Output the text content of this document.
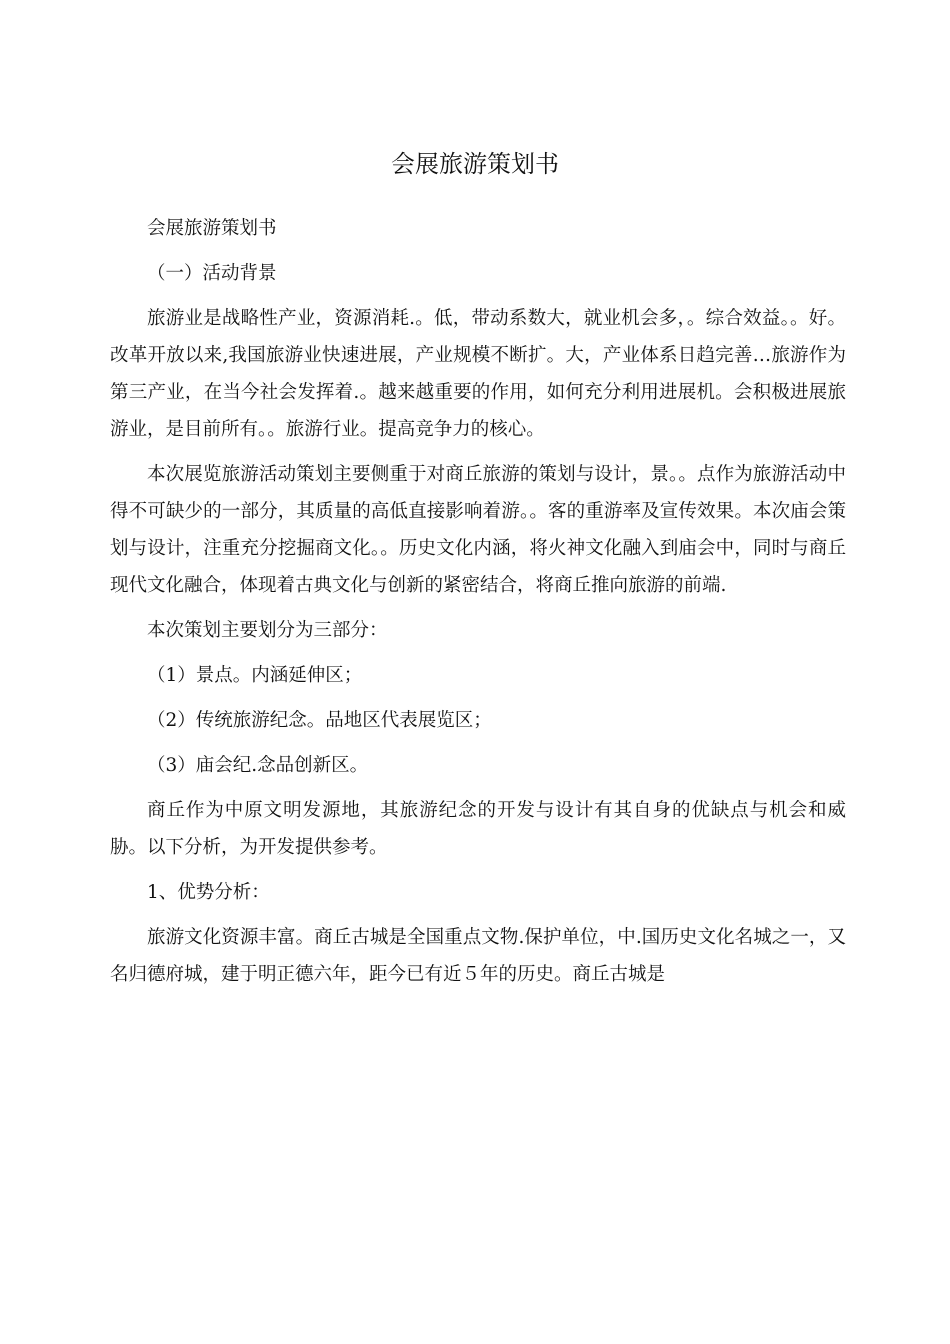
会展旅游策划书

会展旅游策划书

（一）活动背景

旅游业是战略性产业，资源消耗.。低，带动系数大，就业机会多，。综合效益。。好。改革开放以来,我国旅游业快速进展，产业规模不断扩。大，产业体系日趋完善…旅游作为第三产业，在当今社会发挥着.。越来越重要的作用，如何充分利用进展机。会积极进展旅游业，是目前所有。。旅游行业。提高竞争力的核心。

本次展览旅游活动策划主要侧重于对商丘旅游的策划与设计，景。。点作为旅游活动中得不可缺少的一部分，其质量的高低直接影响着游。。客的重游率及宣传效果。本次庙会策划与设计，注重充分挖掘商文化。。历史文化内涵，将火神文化融入到庙会中，同时与商丘现代文化融合，体现着古典文化与创新的紧密结合，将商丘推向旅游的前端.

本次策划主要划分为三部分：

（1）景点。内涵延伸区；

（2）传统旅游纪念。品地区代表展览区；

（3）庙会纪.念品创新区。

商丘作为中原文明发源地，其旅游纪念的开发与设计有其自身的优缺点与机会和威胁。以下分析，为开发提供参考。

1、优势分析：

旅游文化资源丰富。商丘古城是全国重点文物.保护单位，中.国历史文化名城之一，又名归德府城，建于明正德六年，距今已有近５年的历史。商丘古城是
